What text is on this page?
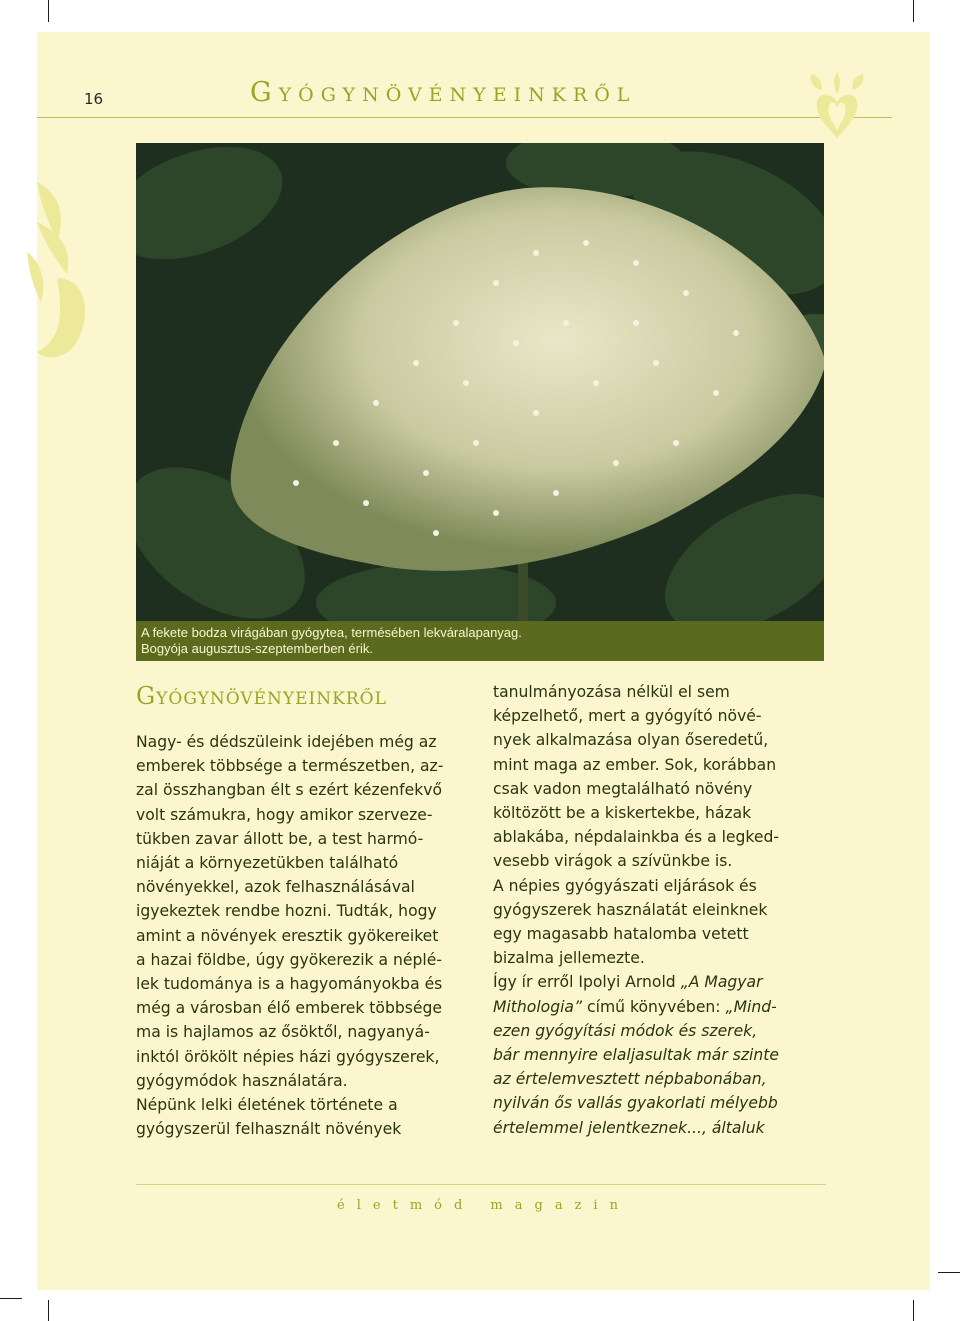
16	Gyógynövényeinkről
A fekete bodza virágában gyógytea, termésében lekváralapanyag.
Bogyója augusztus-szeptemberben érik.
Gyógynövényeinkről
Nagy- és dédszüleink idejében még az
emberek többsége a természetben, az-
zal összhangban élt s ezért kézenfekvő
volt számukra, hogy amikor szerveze-
tükben zavar állott be, a test harmó-
niáját a környezetükben található
növényekkel, azok felhasználásával
igyekeztek rendbe hozni. Tudták, hogy
amint a növények eresztik gyökereiket
a hazai földbe, úgy gyökerezik a néplé-
lek tudománya is a hagyományokba és
még a városban élő emberek többsége
ma is hajlamos az ősöktől, nagyanyá-
inktól örökölt népies házi gyógyszerek,
gyógymódok használatára.
Népünk lelki életének története a
gyógyszerül felhasznált növények
tanulmányozása nélkül el sem
képzelhető, mert a gyógyító növé-
nyek alkalmazása olyan őseredetű,
mint maga az ember. Sok, korábban
csak vadon megtalálható növény
költözött be a kiskertekbe, házak
ablakába, népdalainkba és a legked-
vesebb virágok a szívünkbe is.
A népies gyógyászati eljárások és
gyógyszerek használatát eleinknek
egy magasabb hatalomba vetett
bizalma jellemezte.
Így ír erről Ipolyi Arnold „A Magyar
Mithologia” című könyvében: „Mind-
ezen gyógyítási módok és szerek,
bár mennyire elaljasultak már szinte
az értelemvesztett népbabonában,
nyilván ős vallás gyakorlati mélyebb
értelemmel jelentkeznek..., általuk
életmód magazin
